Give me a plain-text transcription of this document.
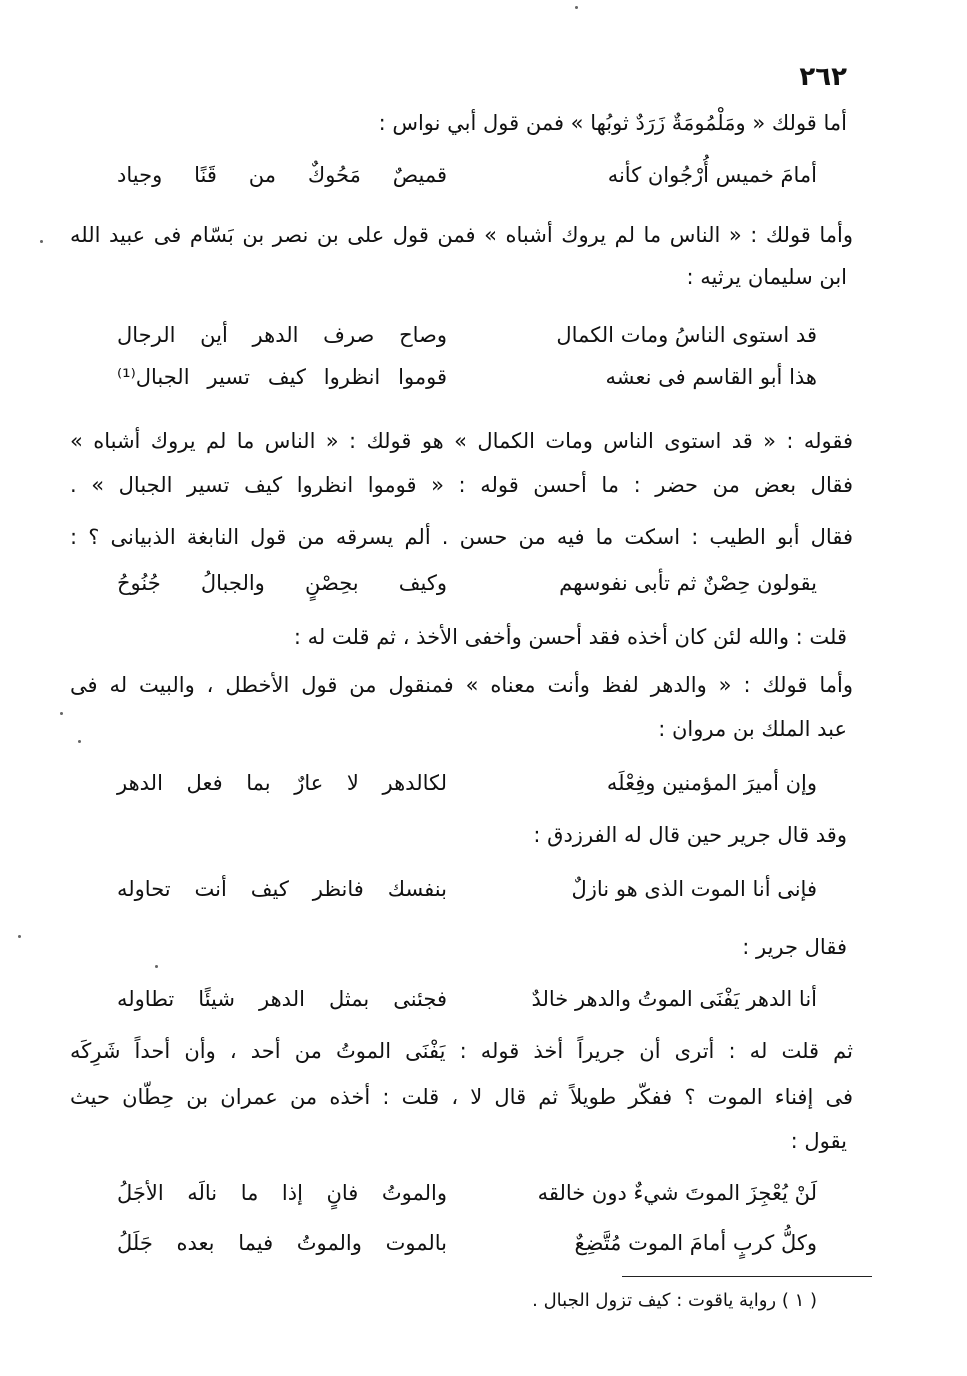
٢٦٢
أما قولك « ومَلْمُومَةٌ زَرَدٌ ثوبُها » فمن قول أبي نواس :
أمامَ خميس أُرْجُوان كأنه
قميصٌ مَحُوكٌ من قَنًا وجياد
وأما قولك : « الناس ما لم يروك أشباه » فمن قول على بن نصر بن بَسّام فى عبيد الله
ابن سليمان يرثيه :
قد استوى الناسُ ومات الكمال
وصاح صرف الدهر أين الرجال
هذا أبو القاسم فى نعشه
قوموا انظروا كيف تسير الجبال⁽¹⁾
فقوله : « قد استوى الناس ومات الكمال » هو قولك : « الناس ما لم يروك أشباه »
فقال بعض من حضر : ما أحسن قوله : « قوموا انظروا كيف تسير الجبال » .
فقال أبو الطيب : اسكت ما فيه من حسن . ألم يسرقه من قول النابغة الذبيانى ؟ :
يقولون حِصْنٌ ثم تأبى نفوسهم
وكيف بحِصْنٍ والجبالُ جُنُوحُ
قلت : والله لئن كان أخذه فقد أحسن وأخفى الأخذ ، ثم قلت له :
وأما قولك : « والدهر لفظ وأنت معناه » فمنقول من قول الأخطل ، والبيت له فى
عبد الملك بن مروان :
وإن أميرَ المؤمنين وفِعْلَه
لكالدهر لا عارٌ بما فعل الدهر
وقد قال جرير حين قال له الفرزدق :
فإنى أنا الموت الذى هو نازلٌ
بنفسك فانظر كيف أنت تحاوله
فقال جرير :
أنا الدهر يَفْنَى الموتُ والدهر خالدٌ
فجئنى بمثل الدهر شيئًا تطاوله
ثم قلت له : أترى أن جريراً أخذ قوله : يَفْنَى الموتُ من أحد ، وأن أحداً شَرِكَه
فى إفناء الموت ؟ ففكّر طويلاً ثم قال لا ، قلت : أخذه من عمران بن حِطّان حيث
يقول :
لَنْ يُعْجِزَ الموتَ شيءٌ دون خالقه
والموتُ فانٍ إذا ما نالَه الأجَلُ
وكلُّ كربٍ أمامَ الموت مُتَّضِعٌ
بالموت والموتُ فيما بعده جَلَلُ
( ١ ) رواية ياقوت : كيف تزول الجبال .
